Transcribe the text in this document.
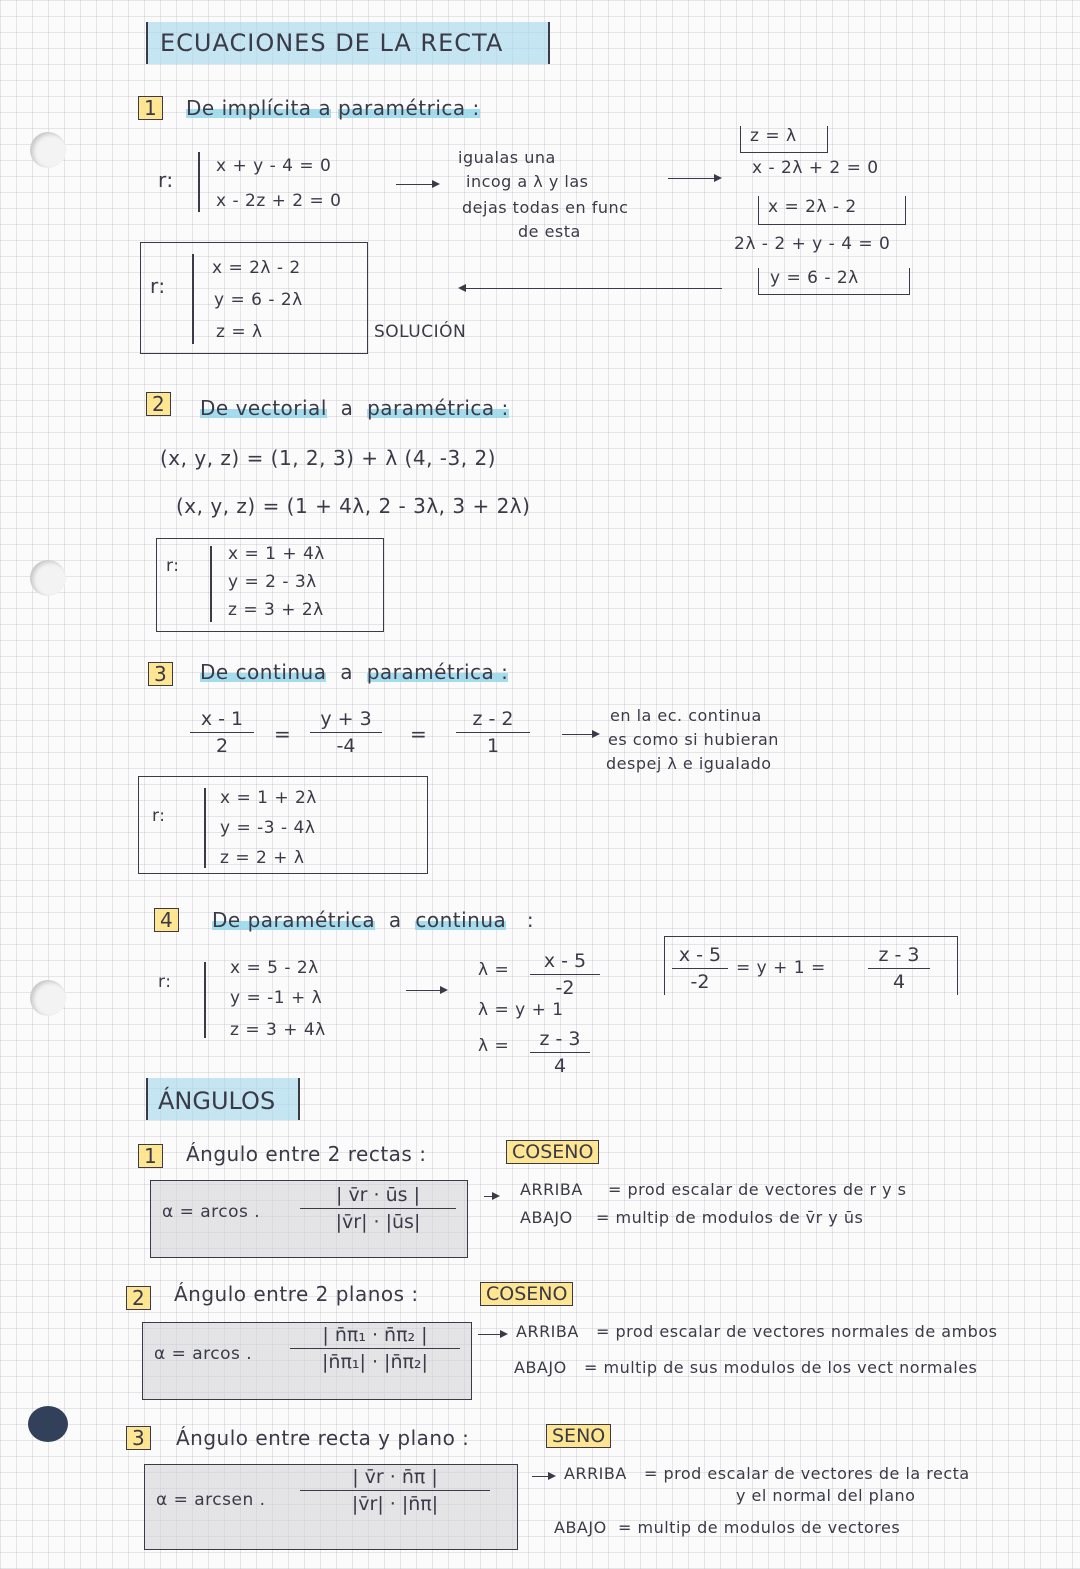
ECUACIONES DE LA RECTA
1	De implícita a paramétrica :
r:
x + y - 4 = 0
x - 2z + 2 = 0
igualas una
incog a λ y las
dejas todas en func
de esta
z = λ
x - 2λ + 2 = 0
x = 2λ - 2
2λ - 2 + y - 4 = 0
y = 6 - 2λ
r:
x = 2λ - 2
y = 6 - 2λ
z = λ	SOLUCIÓN
2	De vectorial a paramétrica :
(x, y, z) = (1, 2, 3) + λ (4, -3, 2)
(x, y, z) = (1 + 4λ, 2 - 3λ, 3 + 2λ)
r:
x = 1 + 4λ
y = 2 - 3λ
z = 3 + 2λ
3	De continua a paramétrica :
x - 1
2	=
y + 3
-4	=
z - 2
1
en la ec. continua
es como si hubieran
despej λ e igualado
r:
x = 1 + 2λ
y = -3 - 4λ
z = 2 + λ
4	De paramétrica a continua :
r:
x = 5 - 2λ
y = -1 + λ
z = 3 + 4λ
λ =	x - 5
-2
λ = y + 1
λ =	z - 3
4
x - 5
-2
= y + 1 =
z - 3
4
ÁNGULOS
1	Ángulo entre 2 rectas :	COSENO
α = arcos .
| v̄r · ūs |
|v̄r| · |ūs|
ARRIBA = prod escalar de vectores de r y s
ABAJO = multip de modulos de v̄r y ūs
2	Ángulo entre 2 planos :	COSENO
α = arcos .
| n̄π₁ · n̄π₂ |
|n̄π₁| · |n̄π₂|
ARRIBA = prod escalar de vectores normales de ambos
ABAJO = multip de sus modulos de los vect normales
3	Ángulo entre recta y plano :	SENO
α = arcsen .
| v̄r · n̄π |
|v̄r| · |n̄π|
ARRIBA = prod escalar de vectores de la recta
y el normal del plano
ABAJO = multip de modulos de vectores
